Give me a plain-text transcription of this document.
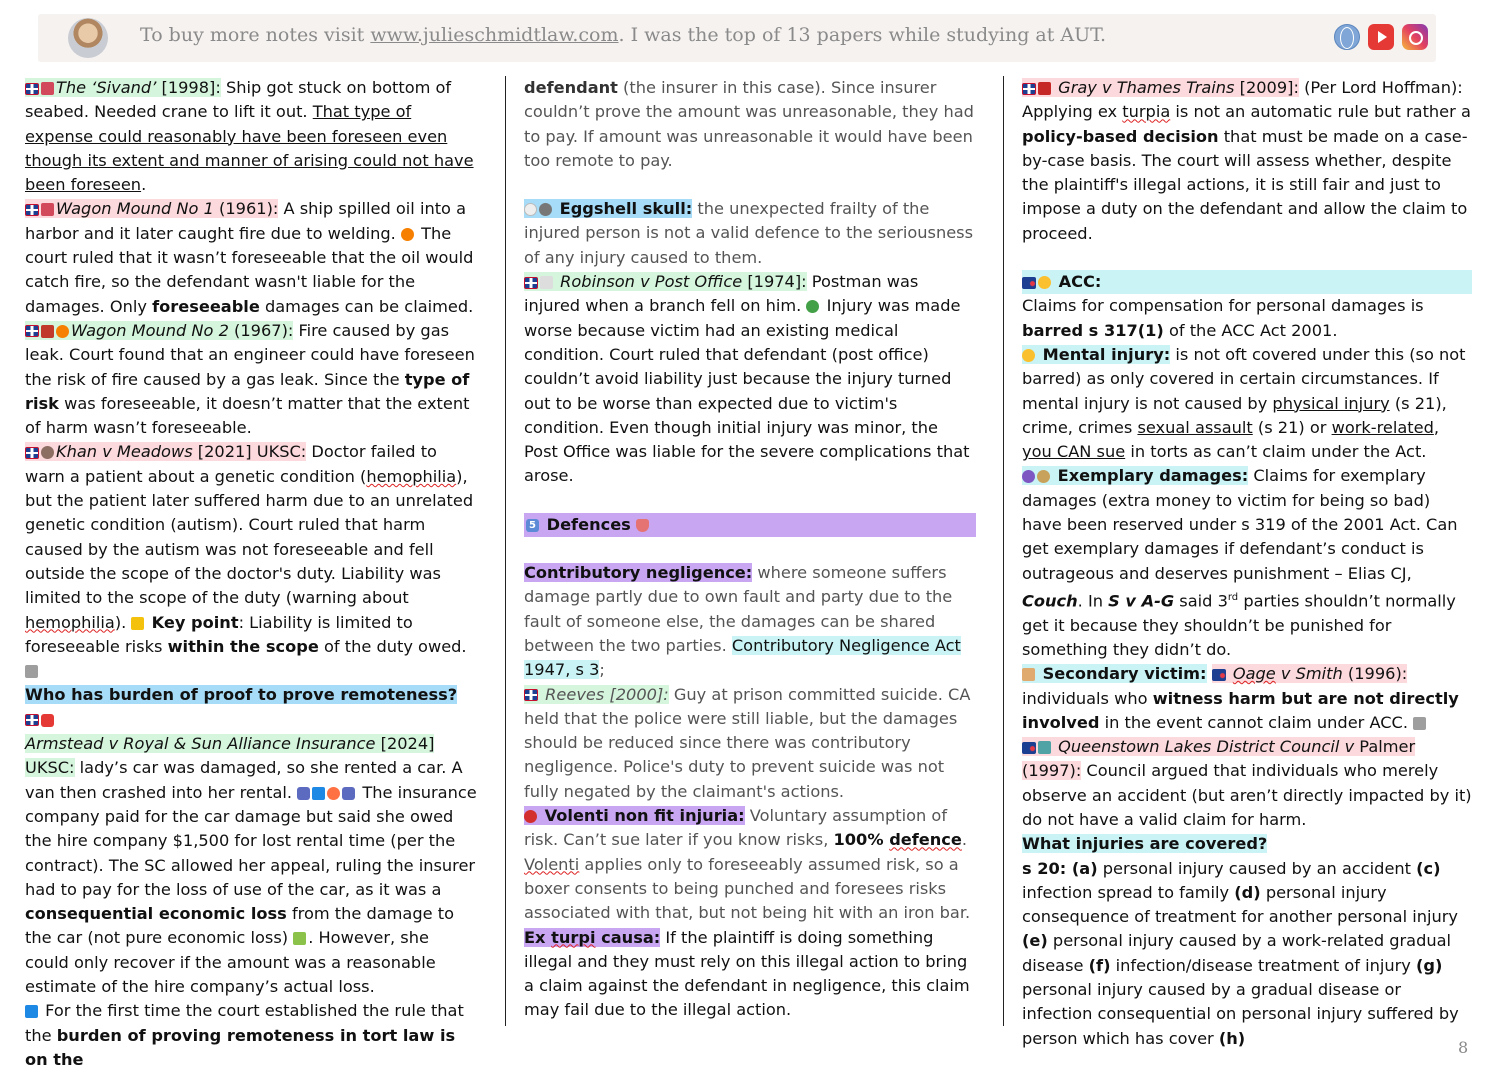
To buy more notes visit www.julieschmidtlaw.com. I was the top of 13 papers while studying at AUT.

The ‘Sivand’ [1998]: Ship got stuck on bottom of seabed. Needed crane to lift it out. That type of expense could reasonably have been foreseen even though its extent and manner of arising could not have been foreseen.

Wagon Mound No 1 (1961): A ship spilled oil into a harbor and it later caught fire due to welding.  The court ruled that it wasn’t foreseeable that the oil would catch fire, so the defendant wasn't liable for the damages. Only foreseeable damages can be claimed.

Wagon Mound No 2 (1967): Fire caused by gas leak. Court found that an engineer could have foreseen the risk of fire caused by a gas leak. Since the type of risk was foreseeable, it doesn’t matter that the extent of harm wasn’t foreseeable.

Khan v Meadows [2021] UKSC: Doctor failed to warn a patient about a genetic condition (hemophilia), but the patient later suffered harm due to an unrelated genetic condition (autism). Court ruled that harm caused by the autism was not foreseeable and fell outside the scope of the doctor's duty. Liability was limited to the scope of the duty (warning about hemophilia).  Key point: Liability is limited to foreseeable risks within the scope of the duty owed.

Who has burden of proof to prove remoteness?
Armstead v Royal & Sun Alliance Insurance [2024] UKSC: lady’s car was damaged, so she rented a car. A van then crashed into her rental.	The insurance company paid for the car damage but said she owed the hire company $1,500 for lost rental time (per the contract). The SC allowed her appeal, ruling the insurer had to pay for the loss of use of the car, as it was a consequential economic loss from the damage to the car (not pure economic loss) . However, she could only recover if the amount was a reasonable estimate of the hire company’s actual loss.
For the first time the court established the rule that the burden of proving remoteness in tort law is on the

defendant (the insurer in this case). Since insurer couldn’t prove the amount was unreasonable, they had to pay. If amount was unreasonable it would have been too remote to pay.

Eggshell skull: the unexpected frailty of the injured person is not a valid defence to the seriousness of any injury caused to them.

Robinson v Post Office [1974]: Postman was injured when a branch fell on him.  Injury was made worse because victim had an existing medical condition. Court ruled that defendant (post office) couldn’t avoid liability just because the injury turned out to be worse than expected due to victim's condition. Even though initial injury was minor, the Post Office was liable for the severe complications that arose.

5 Defences

Contributory negligence: where someone suffers damage partly due to own fault and party due to the fault of someone else, the damages can be shared between the two parties. Contributory Negligence Act 1947, s 3;

Reeves [2000]: Guy at prison committed suicide. CA held that the police were still liable, but the damages should be reduced since there was contributory negligence. Police's duty to prevent suicide was not fully negated by the claimant's actions.

Volenti non fit injuria: Voluntary assumption of risk. Can’t sue later if you know risks, 100% defence. Volenti applies only to foreseeably assumed risk, so a boxer consents to being punched and foresees risks associated with that, but not being hit with an iron bar.

Ex turpi causa: If the plaintiff is doing something illegal and they must rely on this illegal action to bring a claim against the defendant in negligence, this claim may fail due to the illegal action.

Gray v Thames Trains [2009]: (Per Lord Hoffman): Applying ex turpia is not an automatic rule but rather a policy-based decision that must be made on a case-by-case basis. The court will assess whether, despite the plaintiff's illegal actions, it is still fair and just to impose a duty on the defendant and allow the claim to proceed.

ACC:

Claims for compensation for personal damages is barred s 317(1) of the ACC Act 2001.

Mental injury: is not oft covered under this (so not barred) as only covered in certain circumstances. If mental injury is not caused by physical injury (s 21), crime, crimes sexual assault (s 21) or work-related, you CAN sue in torts as can’t claim under the Act.

Exemplary damages: Claims for exemplary damages (extra money to victim for being so bad) have been reserved under s 319 of the 2001 Act. Can get exemplary damages if defendant’s conduct is outrageous and deserves punishment – Elias CJ, Couch. In S v A-G said 3rd parties shouldn’t normally get it because they shouldn’t be punished for something they didn’t do.

Secondary victim: Oage v Smith (1996): individuals who witness harm but are not directly involved in the event cannot claim under ACC.

Queenstown Lakes District Council v Palmer (1997): Council argued that individuals who merely observe an accident (but aren’t directly impacted by it) do not have a valid claim for harm.

What injuries are covered?

s 20: (a) personal injury caused by an accident (c) infection spread to family (d) personal injury consequence of treatment for another personal injury (e) personal injury caused by a work-related gradual disease (f) infection/disease treatment of injury (g) personal injury caused by a gradual disease or infection consequential on personal injury suffered by person which has cover (h)	8
